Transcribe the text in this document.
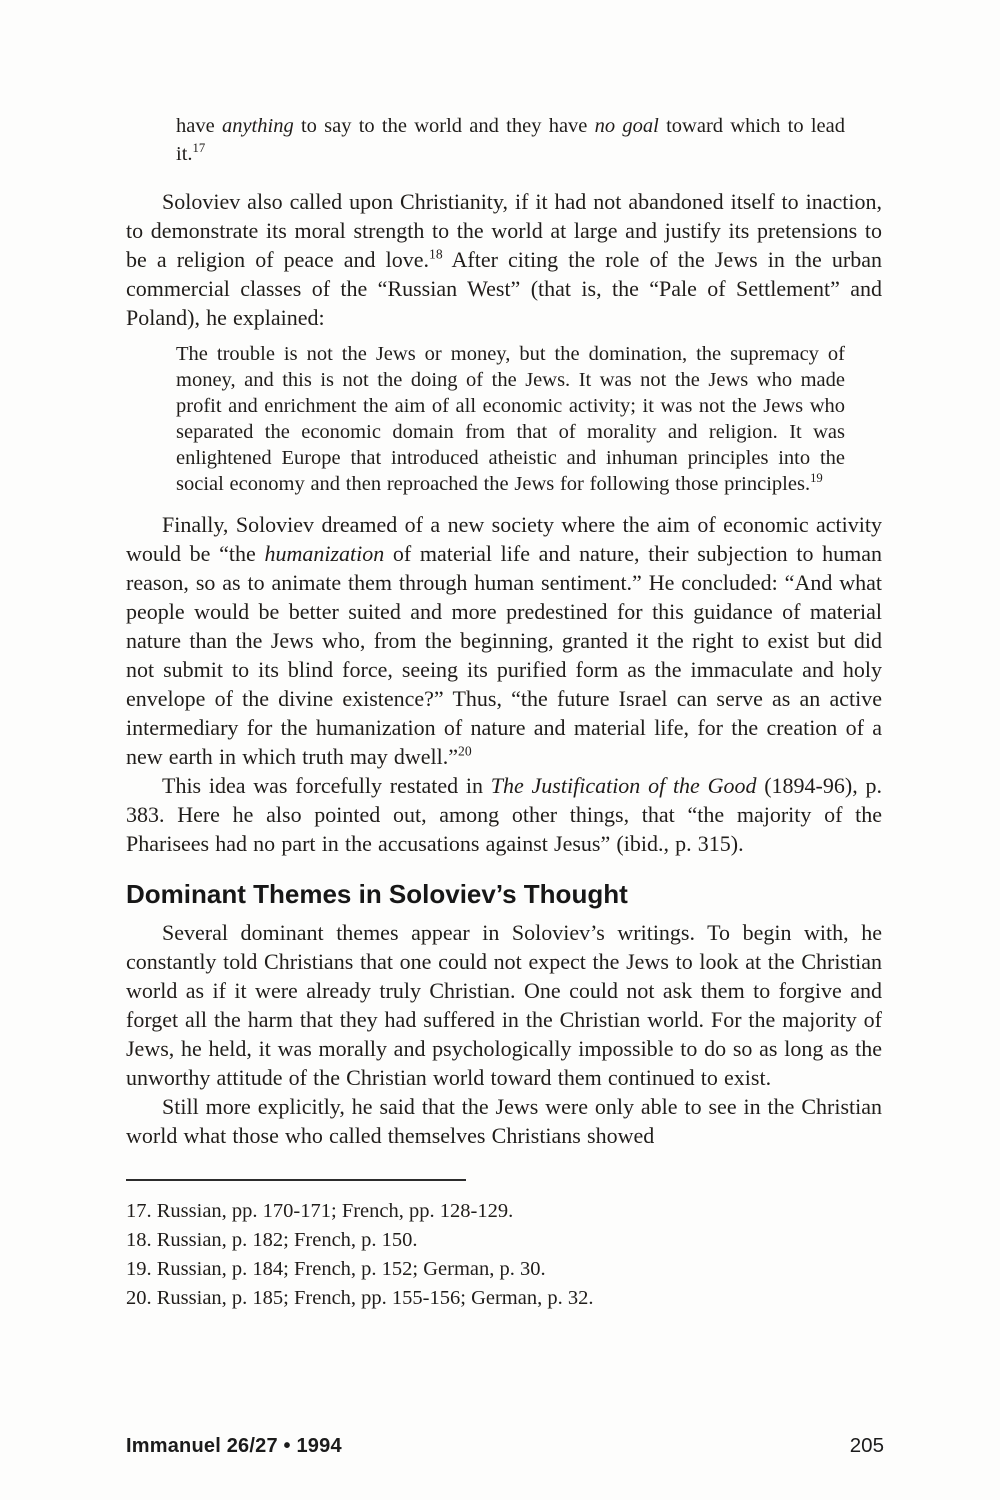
have anything to say to the world and they have no goal toward which to lead it.$^{17}$

Soloviev also called upon Christianity, if it had not abandoned itself to inaction, to demonstrate its moral strength to the world at large and justify its pretensions to be a religion of peace and love.$^{18}$ After citing the role of the Jews in the urban commercial classes of the “Russian West” (that is, the “Pale of Settlement” and Poland), he explained:

The trouble is not the Jews or money, but the domination, the supremacy of money, and this is not the doing of the Jews. It was not the Jews who made profit and enrichment the aim of all economic activity; it was not the Jews who separated the economic domain from that of morality and religion. It was enlightened Europe that introduced atheistic and inhuman principles into the social economy and then reproached the Jews for following those principles.$^{19}$

Finally, Soloviev dreamed of a new society where the aim of economic activity would be “the humanization of material life and nature, their subjection to human reason, so as to animate them through human sentiment.” He concluded: “And what people would be better suited and more predestined for this guidance of material nature than the Jews who, from the beginning, granted it the right to exist but did not submit to its blind force, seeing its purified form as the immaculate and holy envelope of the divine existence?” Thus, “the future Israel can serve as an active intermediary for the humanization of nature and material life, for the creation of a new earth in which truth may dwell.”$^{20}$

This idea was forcefully restated in The Justification of the Good (1894-96), p. 383. Here he also pointed out, among other things, that “the majority of the Pharisees had no part in the accusations against Jesus” (ibid., p. 315).

Dominant Themes in Soloviev’s Thought

Several dominant themes appear in Soloviev’s writings. To begin with, he constantly told Christians that one could not expect the Jews to look at the Christian world as if it were already truly Christian. One could not ask them to forgive and forget all the harm that they had suffered in the Christian world. For the majority of Jews, he held, it was morally and psychologically impossible to do so as long as the unworthy attitude of the Christian world toward them continued to exist.

Still more explicitly, he said that the Jews were only able to see in the Christian world what those who called themselves Christians showed

17. Russian, pp. 170-171; French, pp. 128-129.

18. Russian, p. 182; French, p. 150.

19. Russian, p. 184; French, p. 152; German, p. 30.

20. Russian, p. 185; French, pp. 155-156; German, p. 32.

Immanuel 26/27 • 1994	205
